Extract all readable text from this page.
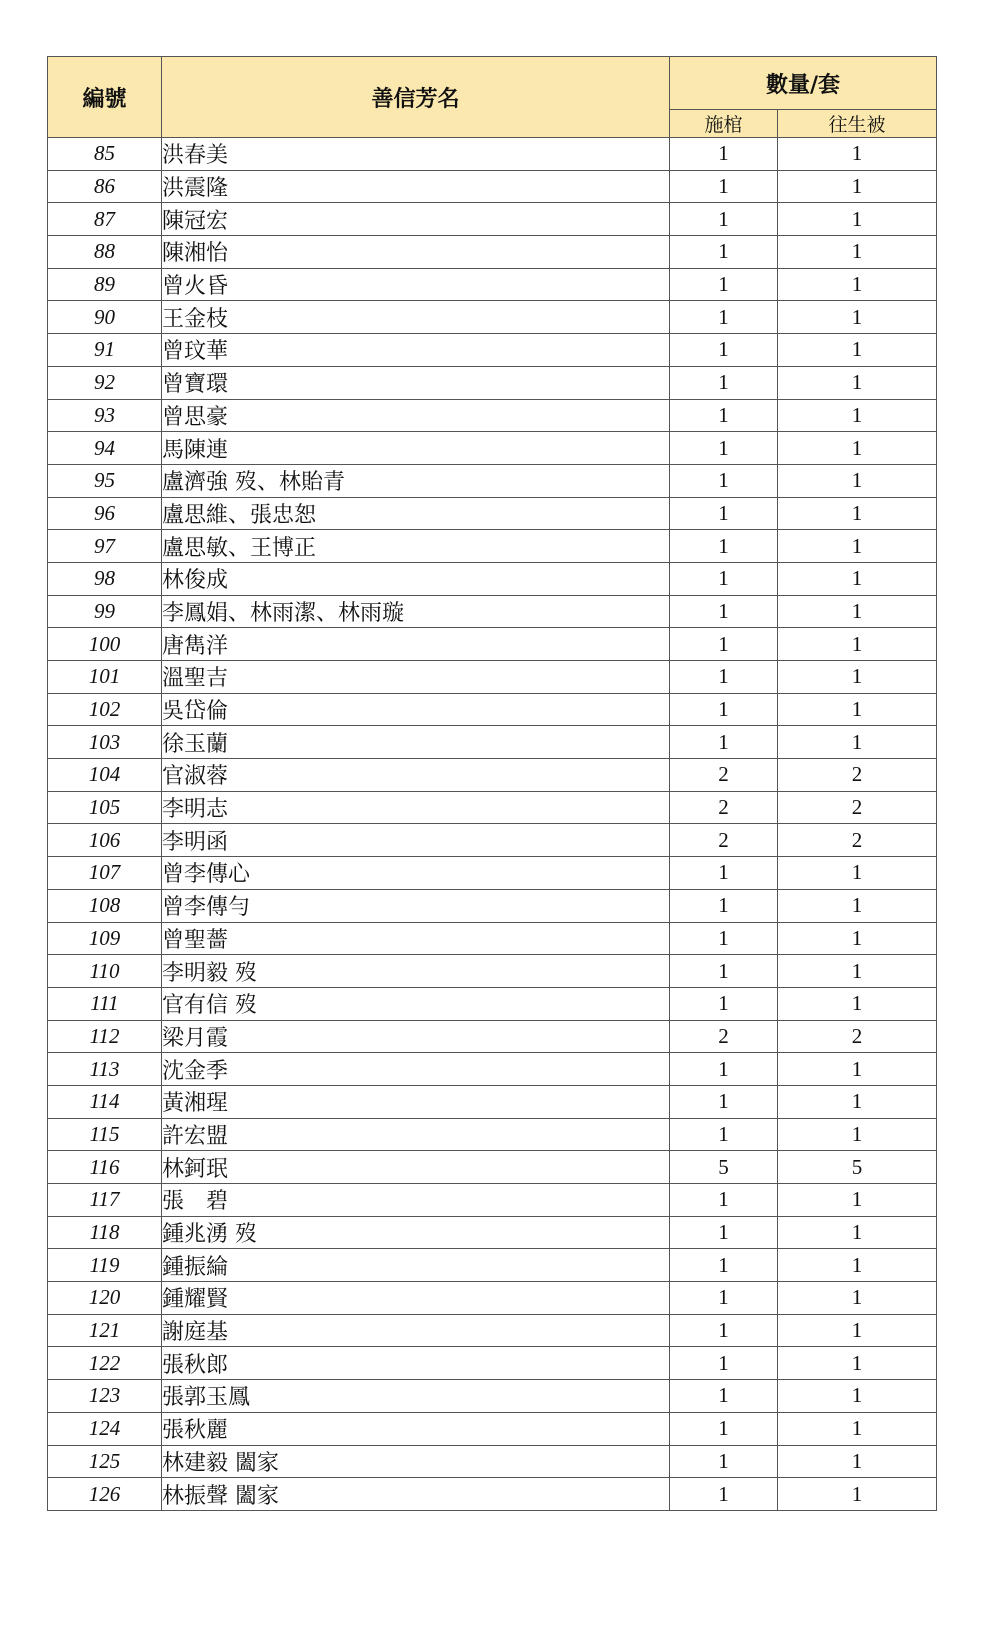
編號	善信芳名	數量/套	
		施棺	往生被
85	洪春美	1	1
86	洪震隆	1	1
87	陳冠宏	1	1
88	陳湘怡	1	1
89	曾火昏	1	1
90	王金枝	1	1
91	曾玟華	1	1
92	曾寶環	1	1
93	曾思豪	1	1
94	馬陳連	1	1
95	盧濟強 歿、林貽青	1	1
96	盧思維、張忠恕	1	1
97	盧思敏、王博正	1	1
98	林俊成	1	1
99	李鳳娟、林雨潔、林雨璇	1	1
100	唐雋洋	1	1
101	溫聖吉	1	1
102	吳岱倫	1	1
103	徐玉蘭	1	1
104	官淑蓉	2	2
105	李明志	2	2
106	李明函	2	2
107	曾李傳心	1	1
108	曾李傳勻	1	1
109	曾聖薔	1	1
110	李明毅 歿	1	1
111	官有信 歿	1	1
112	梁月霞	2	2
113	沈金季	1	1
114	黃湘瑆	1	1
115	許宏盟	1	1
116	林鈳珉	5	5
117	張　碧	1	1
118	鍾兆湧 歿	1	1
119	鍾振綸	1	1
120	鍾耀賢	1	1
121	謝庭基	1	1
122	張秋郎	1	1
123	張郭玉鳳	1	1
124	張秋麗	1	1
125	林建毅 闔家	1	1
126	林振聲 闔家	1	1
